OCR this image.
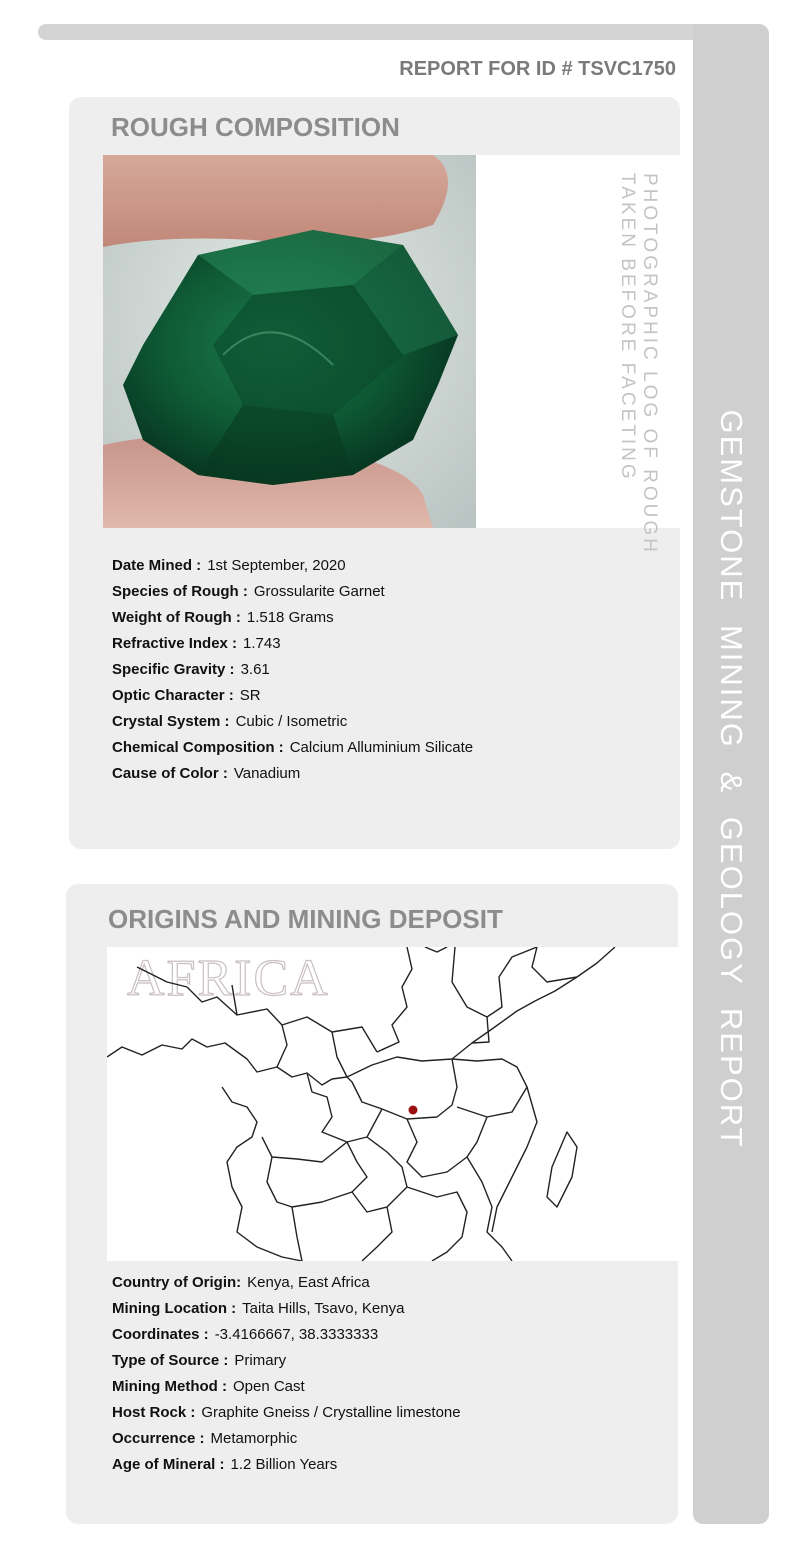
GEMSTONE MINING & GEOLOGY REPORT
REPORT FOR ID # TSVC1750
ROUGH COMPOSITION
PHOTOGRAPHIC LOG OF ROUGH
TAKEN BEFORE FACETING
Date Mined : 1st September, 2020
Species of Rough : Grossularite Garnet
Weight of Rough : 1.518 Grams
Refractive Index : 1.743
Specific Gravity : 3.61
Optic Character : SR
Crystal System : Cubic / Isometric
Chemical Composition : Calcium Alluminium Silicate
Cause of Color : Vanadium
ORIGINS AND MINING DEPOSIT
AFRICA
Country of Origin: Kenya, East Africa
Mining Location : Taita Hills, Tsavo, Kenya
Coordinates : -3.4166667, 38.3333333
Type of Source : Primary
Mining Method : Open Cast
Host Rock : Graphite Gneiss / Crystalline limestone
Occurrence : Metamorphic
Age of Mineral : 1.2 Billion Years
